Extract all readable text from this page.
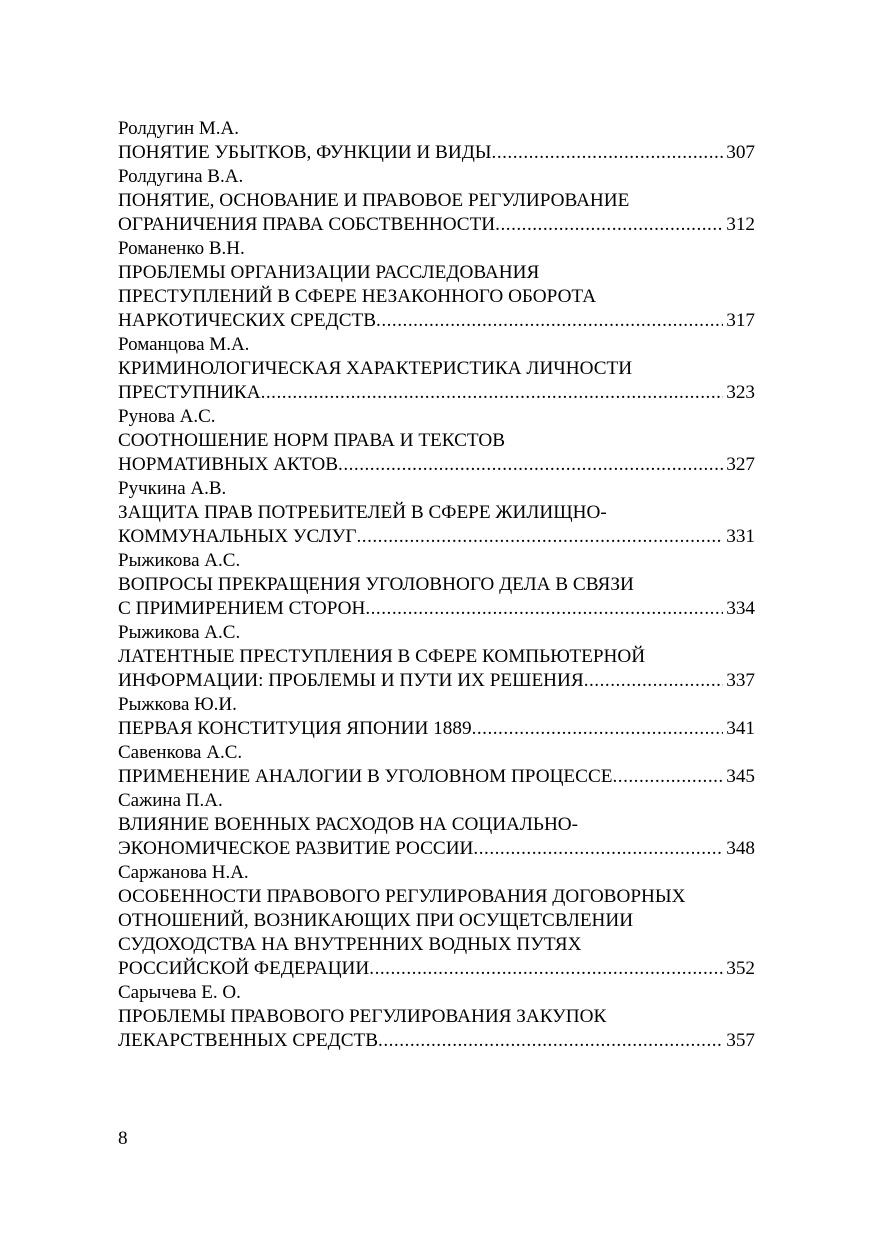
Ролдугин М.А.
ПОНЯТИЕ УБЫТКОВ, ФУНКЦИИ И ВИДЫ .....	307
Ролдугина В.А.
ПОНЯТИЕ, ОСНОВАНИЕ И ПРАВОВОЕ РЕГУЛИРОВАНИЕ
ОГРАНИЧЕНИЯ ПРАВА СОБСТВЕННОСТИ .....	312
Романенко В.Н.
ПРОБЛЕМЫ ОРГАНИЗАЦИИ РАССЛЕДОВАНИЯ
ПРЕСТУПЛЕНИЙ В СФЕРЕ НЕЗАКОННОГО ОБОРОТА
НАРКОТИЧЕСКИХ СРЕДСТВ .....	317
Романцова М.А.
КРИМИНОЛОГИЧЕСКАЯ ХАРАКТЕРИСТИКА ЛИЧНОСТИ
ПРЕСТУПНИКА .....	323
Рунова А.С.
СООТНОШЕНИЕ НОРМ ПРАВА И ТЕКСТОВ
НОРМАТИВНЫХ АКТОВ .....	327
Ручкина А.В.
ЗАЩИТА ПРАВ ПОТРЕБИТЕЛЕЙ В СФЕРЕ ЖИЛИЩНО-
КОММУНАЛЬНЫХ УСЛУГ .....	331
Рыжикова А.С.
ВОПРОСЫ ПРЕКРАЩЕНИЯ УГОЛОВНОГО ДЕЛА В СВЯЗИ
С ПРИМИРЕНИЕМ СТОРОН .....	334
Рыжикова А.С.
ЛАТЕНТНЫЕ ПРЕСТУПЛЕНИЯ В СФЕРЕ КОМПЬЮТЕРНОЙ
ИНФОРМАЦИИ: ПРОБЛЕМЫ И ПУТИ ИХ РЕШЕНИЯ .....	337
Рыжкова Ю.И.
ПЕРВАЯ КОНСТИТУЦИЯ ЯПОНИИ 1889 .....	341
Савенкова А.С.
ПРИМЕНЕНИЕ АНАЛОГИИ В УГОЛОВНОМ ПРОЦЕССЕ .....	345
Сажина П.А.
ВЛИЯНИЕ ВОЕННЫХ РАСХОДОВ НА СОЦИАЛЬНО-
ЭКОНОМИЧЕСКОЕ РАЗВИТИЕ РОССИИ .....	348
Саржанова Н.А.
ОСОБЕННОСТИ ПРАВОВОГО РЕГУЛИРОВАНИЯ ДОГОВОРНЫХ
ОТНОШЕНИЙ, ВОЗНИКАЮЩИХ ПРИ ОСУЩЕТСВЛЕНИИ
СУДОХОДСТВА НА ВНУТРЕННИХ ВОДНЫХ ПУТЯХ
РОССИЙСКОЙ ФЕДЕРАЦИИ .....	352
Сарычева Е. О.
ПРОБЛЕМЫ ПРАВОВОГО РЕГУЛИРОВАНИЯ ЗАКУПОК
ЛЕКАРСТВЕННЫХ СРЕДСТВ .....	357
8
